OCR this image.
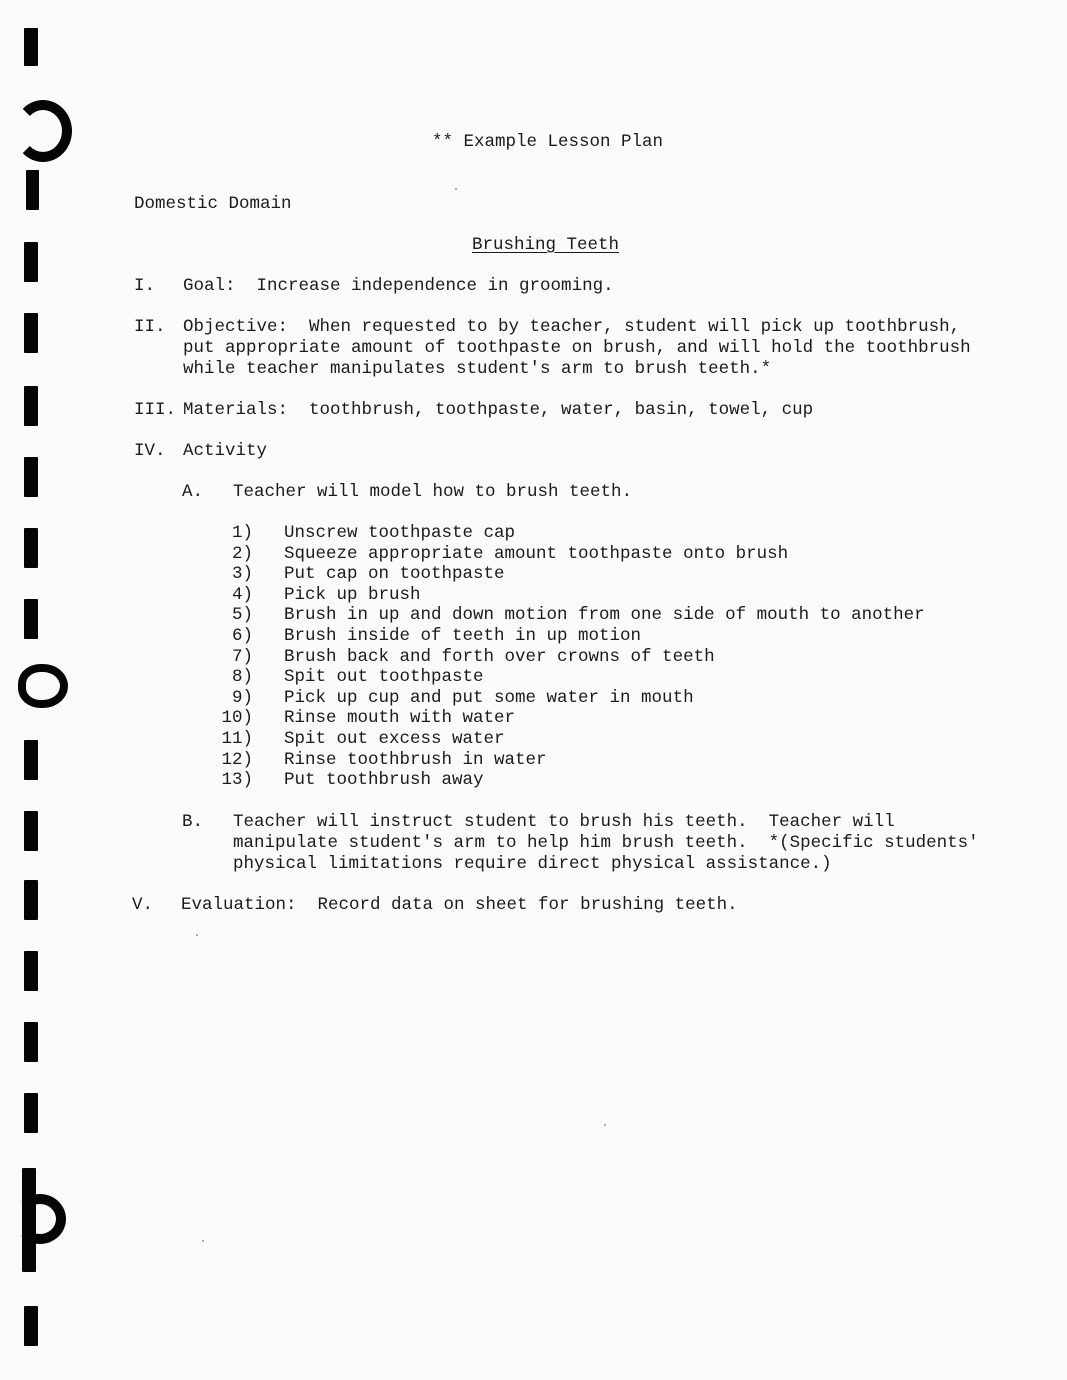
** Example Lesson Plan
Domestic Domain
Brushing Teeth
I. Goal:  Increase independence in grooming.
II. Objective:  When requested to by teacher, student will pick up toothbrush,
put appropriate amount of toothpaste on brush, and will hold the toothbrush
while teacher manipulates student's arm to brush teeth.*
III. Materials:  toothbrush, toothpaste, water, basin, towel, cup
IV. Activity
A. Teacher will model how to brush teeth.
1) Unscrew toothpaste cap
2) Squeeze appropriate amount toothpaste onto brush
3) Put cap on toothpaste
4) Pick up brush
5) Brush in up and down motion from one side of mouth to another
6) Brush inside of teeth in up motion
7) Brush back and forth over crowns of teeth
8) Spit out toothpaste
9) Pick up cup and put some water in mouth
10) Rinse mouth with water
11) Spit out excess water
12) Rinse toothbrush in water
13) Put toothbrush away
B. Teacher will instruct student to brush his teeth.  Teacher will
manipulate student's arm to help him brush teeth.  *(Specific students'
physical limitations require direct physical assistance.)
V. Evaluation:  Record data on sheet for brushing teeth.
